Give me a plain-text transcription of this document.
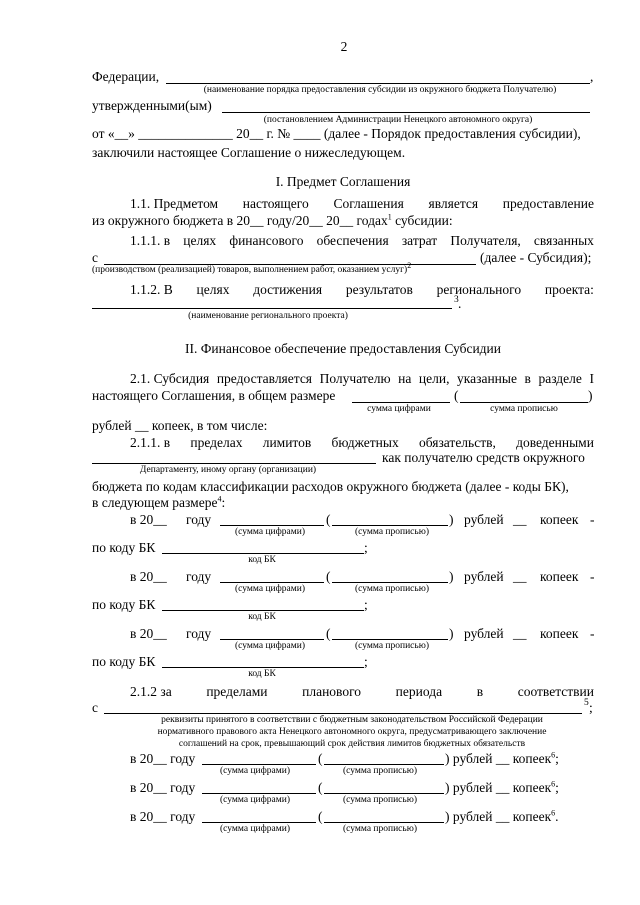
2
Федерации,	,
(наименование порядка предоставления субсидии из окружного бюджета Получателю)
утвержденными(ым)
(постановлением Администрации Ненецкого автономного округа)
от «__» ______________ 20__ г. № ____ (далее - Порядок предоставления субсидии),
заключили настоящее Соглашение о нижеследующем.
I. Предмет Соглашения
1.1. Предметом настоящего Соглашения является предоставление
из окружного бюджета в 20__ году/20__ 20__ годах$^1$ субсидии:
1.1.1. в целях финансового обеспечения затрат Получателя, связанных
с	(далее - Субсидия);
(производством (реализацией) товаров, выполнением работ, оказанием услуг)$^2$
1.1.2. В целях достижения результатов регионального проекта:
3 .
(наименование регионального проекта)
II. Финансовое обеспечение предоставления Субсидии
2.1. Субсидия предоставляется Получателю на цели, указанные в разделе I
настоящего Соглашения, в общем размере	(	)
сумма цифрами	сумма прописью
рублей __ копеек, в том числе:
2.1.1. в пределах лимитов бюджетных обязательств, доведенными
как получателю средств окружного
Департаменту, иному органу (организации)
бюджета по кодам классификации расходов окружного бюджета (далее - коды БК),
в следующем размере$^4$:
в 20__ году	(	) рублей __ копеек -
(сумма цифрами)	(сумма прописью)
по коду БК	;
код БК
в 20__ году	(	) рублей __ копеек -
(сумма цифрами)	(сумма прописью)
по коду БК	;
код БК
в 20__ году	(	) рублей __ копеек -
(сумма цифрами)	(сумма прописью)
по коду БК	;
код БК
2.1.2 за	пределами	планового	периода	в	соответствии
с	5 ;
реквизиты принятого в соответствии с бюджетным законодательством Российской Федерации
нормативного правового акта Ненецкого автономного округа, предусматривающего заключение
соглашений на срок, превышающий срок действия лимитов бюджетных обязательств
в 20__ году	(	) рублей __ копеек$^6$;
(сумма цифрами)	(сумма прописью)
в 20__ году	(	) рублей __ копеек$^6$;
(сумма цифрами)	(сумма прописью)
в 20__ году	(	) рублей __ копеек$^6$.
(сумма цифрами)	(сумма прописью)
